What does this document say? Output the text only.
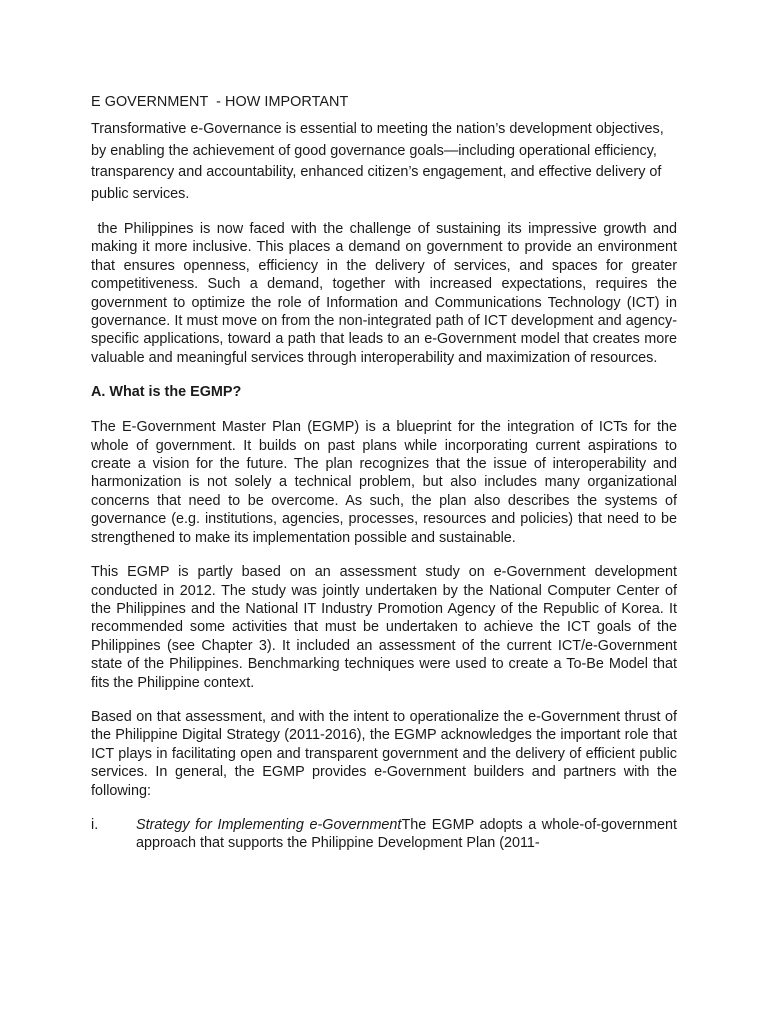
E GOVERNMENT  - HOW IMPORTANT

Transformative e-Governance is essential to meeting the nation’s development objectives, by enabling the achievement of good governance goals—including operational efficiency, transparency and accountability, enhanced citizen’s engagement, and effective delivery of public services.

the Philippines is now faced with the challenge of sustaining its impressive growth and making it more inclusive. This places a demand on government to provide an environment that ensures openness, efficiency in the delivery of services, and spaces for greater competitiveness. Such a demand, together with increased expectations, requires the government to optimize the role of Information and Communications Technology (ICT) in governance. It must move on from the non-integrated path of ICT development and agency-specific applications, toward a path that leads to an e-Government model that creates more valuable and meaningful services through interoperability and maximization of resources.

A. What is the EGMP?

The E-Government Master Plan (EGMP) is a blueprint for the integration of ICTs for the whole of government. It builds on past plans while incorporating current aspirations to create a vision for the future. The plan recognizes that the issue of interoperability and harmonization is not solely a technical problem, but also includes many organizational concerns that need to be overcome. As such, the plan also describes the systems of governance (e.g. institutions, agencies, processes, resources and policies) that need to be strengthened to make its implementation possible and sustainable.

This EGMP is partly based on an assessment study on e-Government development conducted in 2012. The study was jointly undertaken by the National Computer Center of the Philippines and the National IT Industry Promotion Agency of the Republic of Korea. It recommended some activities that must be undertaken to achieve the ICT goals of the Philippines (see Chapter 3). It included an assessment of the current ICT/e-Government state of the Philippines. Benchmarking techniques were used to create a To-Be Model that fits the Philippine context.

Based on that assessment, and with the intent to operationalize the e-Government thrust of the Philippine Digital Strategy (2011-2016), the EGMP acknowledges the important role that ICT plays in facilitating open and transparent government and the delivery of efficient public services. In general, the EGMP provides e-Government builders and partners with the following:

i.	Strategy for Implementing e-GovernmentThe EGMP adopts a whole-of-government approach that supports the Philippine Development Plan (2011-
